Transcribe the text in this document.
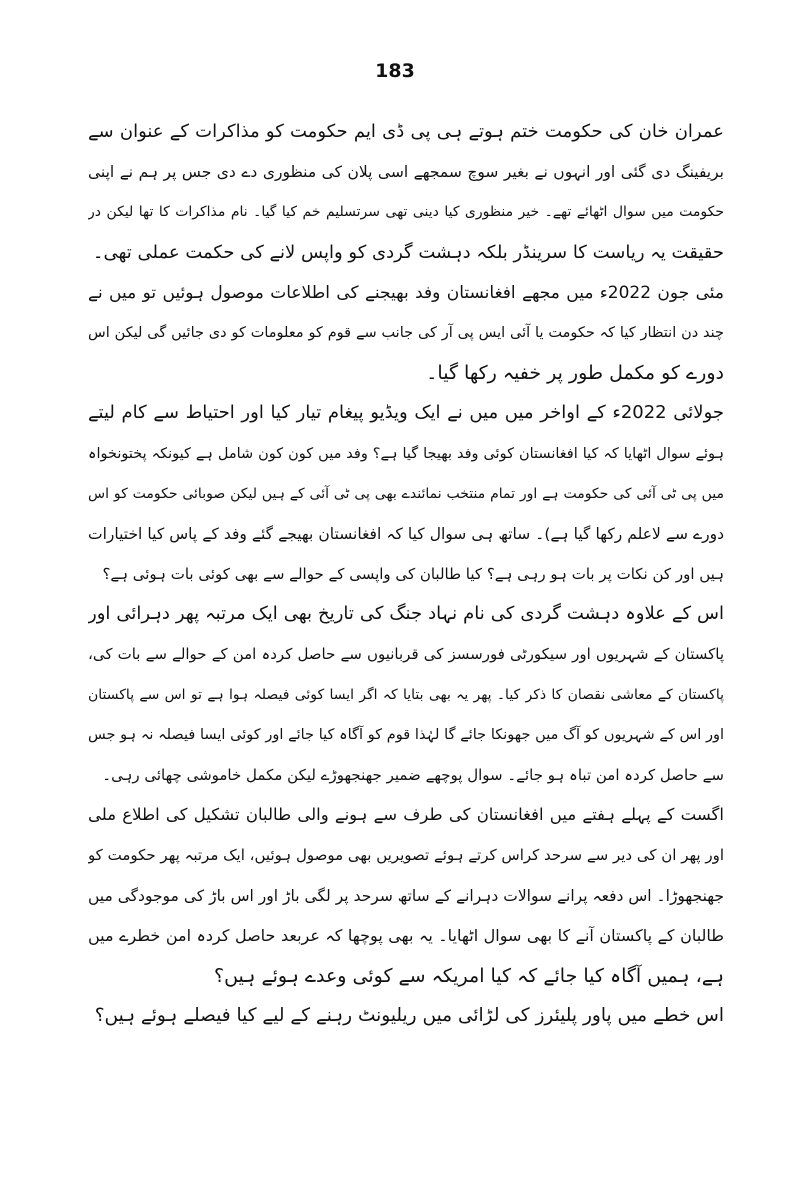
183
عمران خان کی حکومت ختم ہوتے ہی پی ڈی ایم حکومت کو مذاکرات کے عنوان سے
بریفینگ دی گئی اور انہوں نے بغیر سوچ سمجھے اسی پلان کی منظوری دے دی جس پر ہم نے اپنی
حکومت میں سوال اٹھائے تھے۔ خیر منظوری کیا دینی تھی سرتسلیم خم کیا گیا۔ نام مذاکرات کا تھا لیکن در
حقیقت یہ ریاست کا سرینڈر بلکہ دہشت گردی کو واپس لانے کی حکمت عملی تھی۔
مئی جون 2022ء میں مجھے افغانستان وفد بھیجنے کی اطلاعات موصول ہوئیں تو میں نے
چند دن انتظار کیا کہ حکومت یا آئی ایس پی آر کی جانب سے قوم کو معلومات کو دی جائیں گی لیکن اس
دورے کو مکمل طور پر خفیہ رکھا گیا۔
جولائی 2022ء کے اواخر میں میں نے ایک ویڈیو پیغام تیار کیا اور احتیاط سے کام لیتے
ہوئے سوال اٹھایا کہ کیا افغانستان کوئی وفد بھیجا گیا ہے؟ وفد میں کون کون شامل ہے کیونکہ پختونخواہ
میں پی ٹی آئی کی حکومت ہے اور تمام منتخب نمائندے بھی پی ٹی آئی کے ہیں لیکن صوبائی حکومت کو اس
دورے سے لاعلم رکھا گیا ہے)۔ ساتھ ہی سوال کیا کہ افغانستان بھیجے گئے وفد کے پاس کیا اختیارات
ہیں اور کن نکات پر بات ہو رہی ہے؟ کیا طالبان کی واپسی کے حوالے سے بھی کوئی بات ہوئی ہے؟
اس کے علاوہ دہشت گردی کی نام نہاد جنگ کی تاریخ بھی ایک مرتبہ پھر دہرائی اور
پاکستان کے شہریوں اور سیکورٹی فورسسز کی قربانیوں سے حاصل کردہ امن کے حوالے سے بات کی،
پاکستان کے معاشی نقصان کا ذکر کیا۔ پھر یہ بھی بتایا کہ اگر ایسا کوئی فیصلہ ہوا ہے تو اس سے پاکستان
اور اس کے شہریوں کو آگ میں جھونکا جائے گا لہٰذا قوم کو آگاہ کیا جائے اور کوئی ایسا فیصلہ نہ ہو جس
سے حاصل کردہ امن تباہ ہو جائے۔ سوال پوچھے ضمیر جھنجھوڑے لیکن مکمل خاموشی چھائی رہی۔
اگست کے پہلے ہفتے میں افغانستان کی طرف سے ہونے والی طالبان تشکیل کی اطلاع ملی
اور پھر ان کی دیر سے سرحد کراس کرتے ہوئے تصویریں بھی موصول ہوئیں، ایک مرتبہ پھر حکومت کو
جھنجھوڑا۔ اس دفعہ پرانے سوالات دہرانے کے ساتھ سرحد پر لگی باڑ اور اس باڑ کی موجودگی میں
طالبان کے پاکستان آنے کا بھی سوال اٹھایا۔ یہ بھی پوچھا کہ عربعد حاصل کردہ امن خطرے میں
ہے، ہمیں آگاہ کیا جائے کہ کیا امریکہ سے کوئی وعدے ہوئے ہیں؟
اس خطے میں پاور پلیئرز کی لڑائی میں ریلیونٹ رہنے کے لیے کیا فیصلے ہوئے ہیں؟
